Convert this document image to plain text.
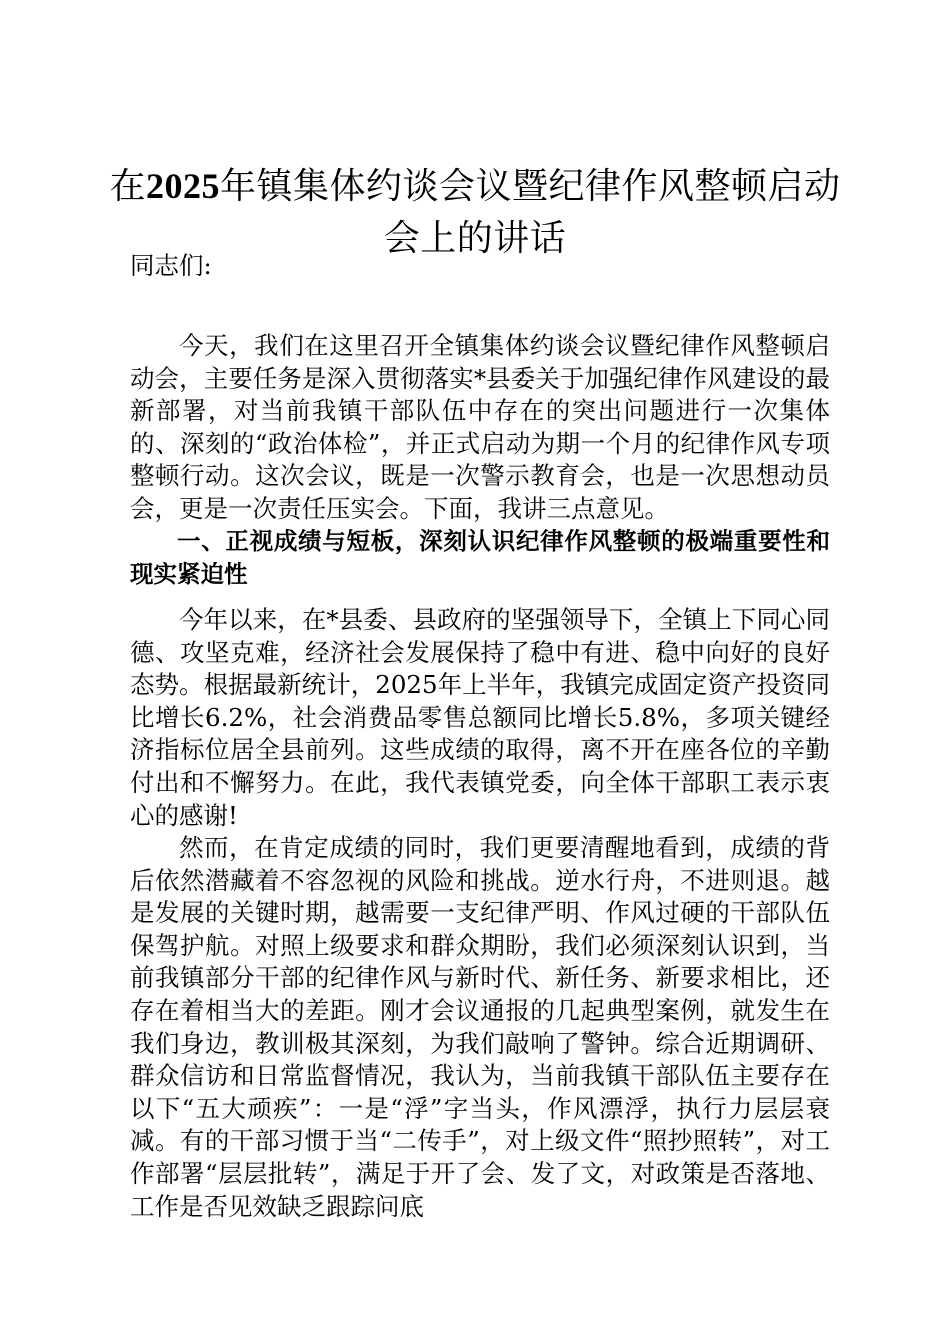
在2025年镇集体约谈会议暨纪律作风整顿启动会上的讲话

同志们:

今天，我们在这里召开全镇集体约谈会议暨纪律作风整顿启动会，主要任务是深入贯彻落实*县委关于加强纪律作风建设的最新部署，对当前我镇干部队伍中存在的突出问题进行一次集体的、深刻的“政治体检”，并正式启动为期一个月的纪律作风专项整顿行动。这次会议，既是一次警示教育会，也是一次思想动员会，更是一次责任压实会。下面，我讲三点意见。

一、正视成绩与短板，深刻认识纪律作风整顿的极端重要性和现实紧迫性

今年以来，在*县委、县政府的坚强领导下，全镇上下同心同德、攻坚克难，经济社会发展保持了稳中有进、稳中向好的良好态势。根据最新统计，2025年上半年，我镇完成固定资产投资同比增长6.2%，社会消费品零售总额同比增长5.8%，多项关键经济指标位居全县前列。这些成绩的取得，离不开在座各位的辛勤付出和不懈努力。在此，我代表镇党委，向全体干部职工表示衷心的感谢!

然而，在肯定成绩的同时，我们更要清醒地看到，成绩的背后依然潜藏着不容忽视的风险和挑战。逆水行舟，不进则退。越是发展的关键时期，越需要一支纪律严明、作风过硬的干部队伍保驾护航。对照上级要求和群众期盼，我们必须深刻认识到，当前我镇部分干部的纪律作风与新时代、新任务、新要求相比，还存在着相当大的差距。刚才会议通报的几起典型案例，就发生在我们身边，教训极其深刻，为我们敲响了警钟。综合近期调研、群众信访和日常监督情况，我认为，当前我镇干部队伍主要存在以下“五大顽疾”：一是“浮”字当头，作风漂浮，执行力层层衰减。有的干部习惯于当“二传手”，对上级文件“照抄照转”，对工作部署“层层批转”，满足于开了会、发了文，对政策是否落地、工作是否见效缺乏跟踪问底
